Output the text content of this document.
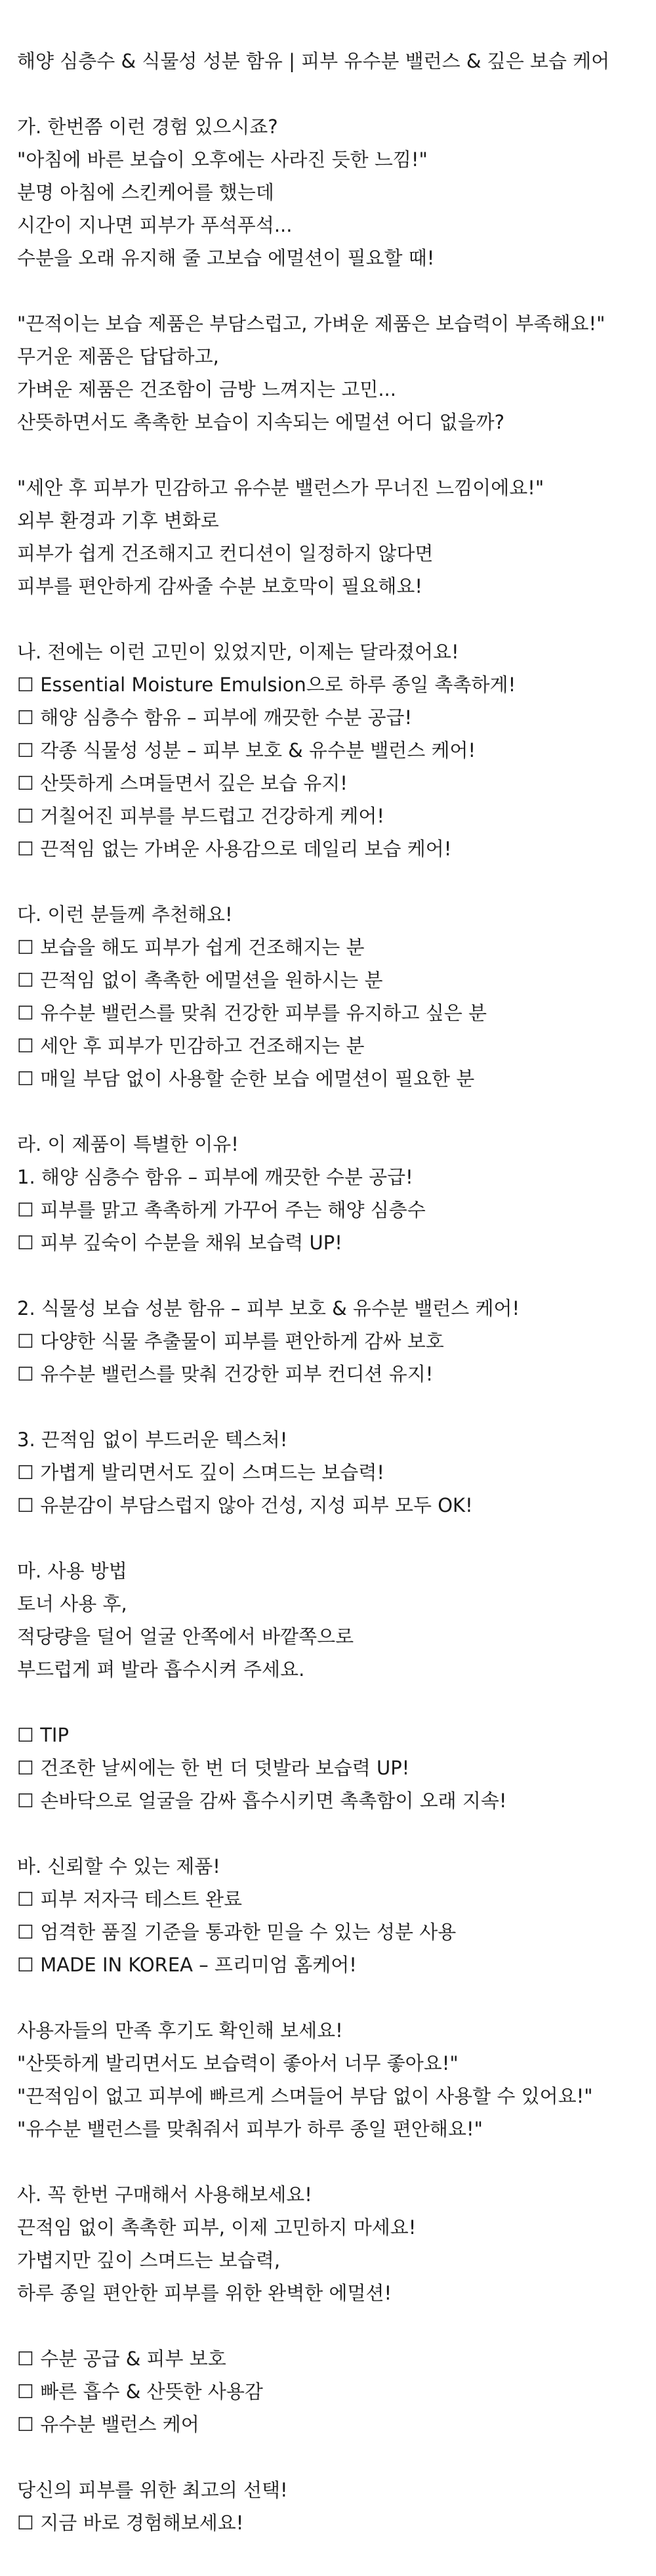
해양 심층수 & 식물성 성분 함유 | 피부 유수분 밸런스 & 깊은 보습 케어

가. 한번쯤 이런 경험 있으시죠?

"아침에 바른 보습이 오후에는 사라진 듯한 느낌!"

분명 아침에 스킨케어를 했는데

시간이 지나면 피부가 푸석푸석...

수분을 오래 유지해 줄 고보습 에멀션이 필요할 때!

"끈적이는 보습 제품은 부담스럽고, 가벼운 제품은 보습력이 부족해요!"

무거운 제품은 답답하고,

가벼운 제품은 건조함이 금방 느껴지는 고민...

산뜻하면서도 촉촉한 보습이 지속되는 에멀션 어디 없을까?

"세안 후 피부가 민감하고 유수분 밸런스가 무너진 느낌이에요!"

외부 환경과 기후 변화로

피부가 쉽게 건조해지고 컨디션이 일정하지 않다면

피부를 편안하게 감싸줄 수분 보호막이 필요해요!

나. 전에는 이런 고민이 있었지만, 이제는 달라졌어요!

☐ Essential Moisture Emulsion으로 하루 종일 촉촉하게!

☐ 해양 심층수 함유 – 피부에 깨끗한 수분 공급!

☐ 각종 식물성 성분 – 피부 보호 & 유수분 밸런스 케어!

☐ 산뜻하게 스며들면서 깊은 보습 유지!

☐ 거칠어진 피부를 부드럽고 건강하게 케어!

☐ 끈적임 없는 가벼운 사용감으로 데일리 보습 케어!

다. 이런 분들께 추천해요!

☐ 보습을 해도 피부가 쉽게 건조해지는 분

☐ 끈적임 없이 촉촉한 에멀션을 원하시는 분

☐ 유수분 밸런스를 맞춰 건강한 피부를 유지하고 싶은 분

☐ 세안 후 피부가 민감하고 건조해지는 분

☐ 매일 부담 없이 사용할 순한 보습 에멀션이 필요한 분

라. 이 제품이 특별한 이유!

1. 해양 심층수 함유 – 피부에 깨끗한 수분 공급!

☐ 피부를 맑고 촉촉하게 가꾸어 주는 해양 심층수

☐ 피부 깊숙이 수분을 채워 보습력 UP!

2. 식물성 보습 성분 함유 – 피부 보호 & 유수분 밸런스 케어!

☐ 다양한 식물 추출물이 피부를 편안하게 감싸 보호

☐ 유수분 밸런스를 맞춰 건강한 피부 컨디션 유지!

3. 끈적임 없이 부드러운 텍스처!

☐ 가볍게 발리면서도 깊이 스며드는 보습력!

☐ 유분감이 부담스럽지 않아 건성, 지성 피부 모두 OK!

마. 사용 방법

토너 사용 후,

적당량을 덜어 얼굴 안쪽에서 바깥쪽으로

부드럽게 펴 발라 흡수시켜 주세요.

☐ TIP

☐ 건조한 날씨에는 한 번 더 덧발라 보습력 UP!

☐ 손바닥으로 얼굴을 감싸 흡수시키면 촉촉함이 오래 지속!

바. 신뢰할 수 있는 제품!

☐ 피부 저자극 테스트 완료

☐ 엄격한 품질 기준을 통과한 믿을 수 있는 성분 사용

☐ MADE IN KOREA – 프리미엄 홈케어!

사용자들의 만족 후기도 확인해 보세요!

"산뜻하게 발리면서도 보습력이 좋아서 너무 좋아요!"

"끈적임이 없고 피부에 빠르게 스며들어 부담 없이 사용할 수 있어요!"

"유수분 밸런스를 맞춰줘서 피부가 하루 종일 편안해요!"

사. 꼭 한번 구매해서 사용해보세요!

끈적임 없이 촉촉한 피부, 이제 고민하지 마세요!

가볍지만 깊이 스며드는 보습력,

하루 종일 편안한 피부를 위한 완벽한 에멀션!

☐ 수분 공급 & 피부 보호

☐ 빠른 흡수 & 산뜻한 사용감

☐ 유수분 밸런스 케어

당신의 피부를 위한 최고의 선택!

☐ 지금 바로 경험해보세요!
